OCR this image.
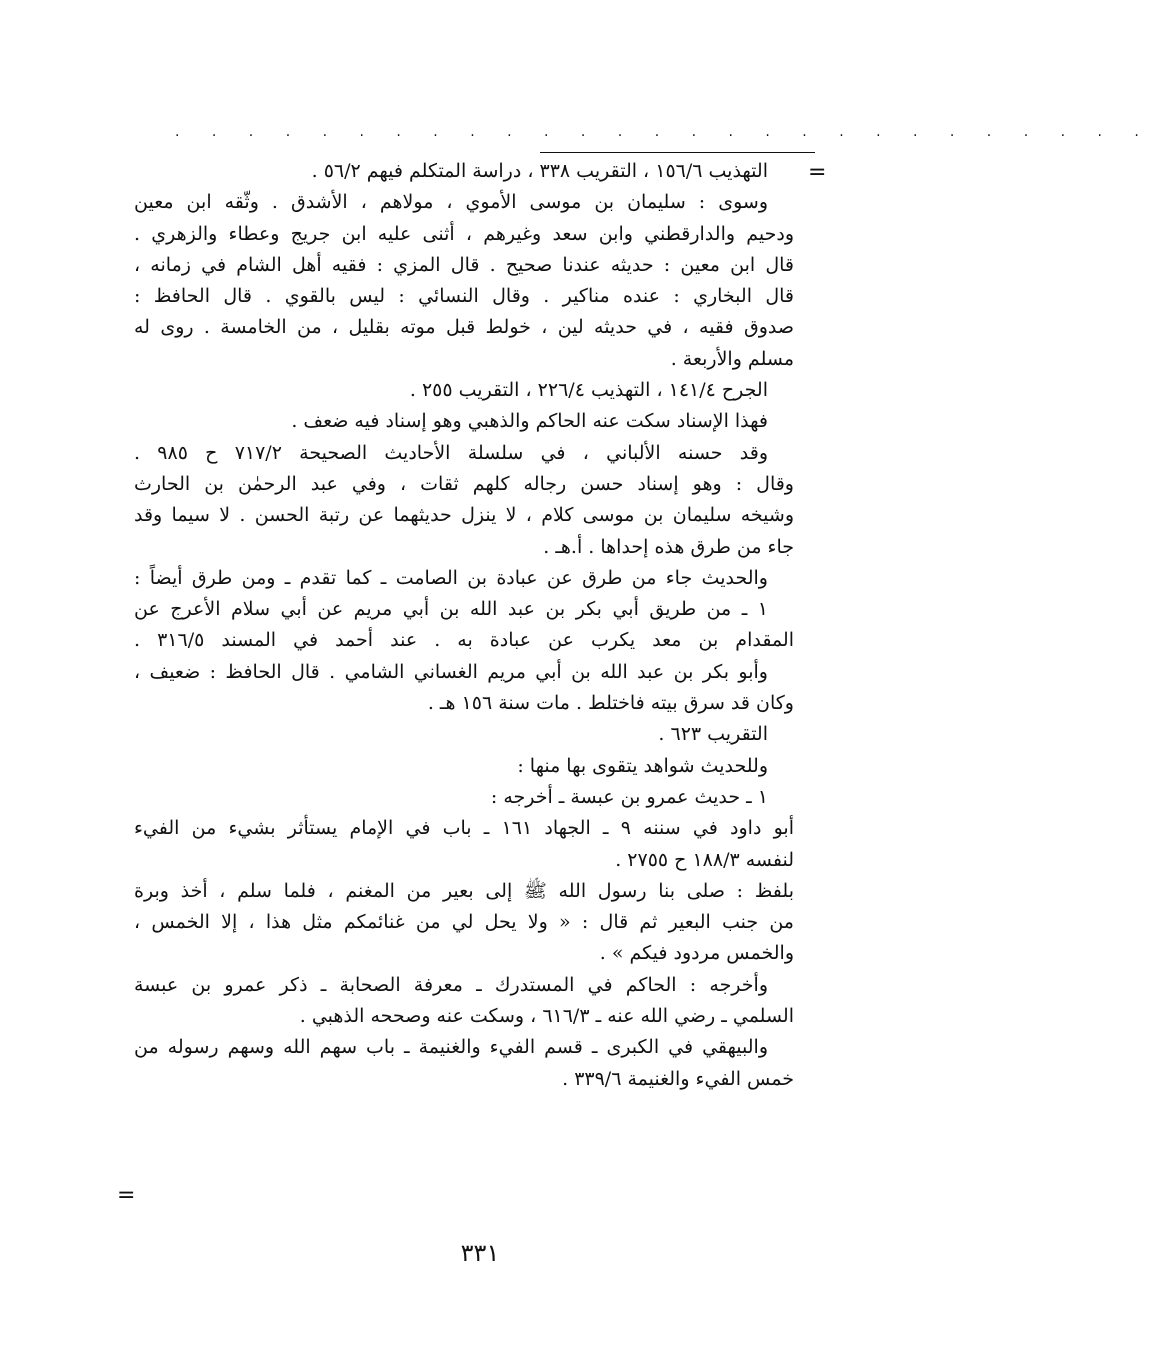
. . . . . . . . . . . . . . . . . . . . . . . . . . .
=
التهذيب ١٥٦/٦ ، التقريب ٣٣٨ ، دراسة المتكلم فيهم ٥٦/٢ .
وسوى : سليمان بن موسى الأموي ، مولاهم ، الأشدق . وثّقه ابن معين
ودحيم والدارقطني وابن سعد وغيرهم ، أثنى عليه ابن جريج وعطاء والزهري .
قال ابن معين : حديثه عندنا صحيح . قال المزي : فقيه أهل الشام في زمانه ،
قال البخاري : عنده مناكير . وقال النسائي : ليس بالقوي . قال الحافظ :
صدوق فقيه ، في حديثه لين ، خولط قبل موته بقليل ، من الخامسة . روى له
مسلم والأربعة .
الجرح ١٤١/٤ ، التهذيب ٢٢٦/٤ ، التقريب ٢٥٥ .
فهذا الإسناد سكت عنه الحاكم والذهبي وهو إسناد فيه ضعف .
وقد حسنه الألباني ، في سلسلة الأحاديث الصحيحة ٧١٧/٢ ح ٩٨٥ .
وقال : وهو إسناد حسن رجاله كلهم ثقات ، وفي عبد الرحمٰن بن الحارث
وشيخه سليمان بن موسى كلام ، لا ينزل حديثهما عن رتبة الحسن . لا سيما وقد
جاء من طرق هذه إحداها . أ.هـ .
والحديث جاء من طرق عن عبادة بن الصامت ـ كما تقدم ـ ومن طرق أيضاً :
١ ـ من طريق أبي بكر بن عبد الله بن أبي مريم عن أبي سلام الأعرج عن
المقدام بن معد يكرب عن عبادة به . عند أحمد في المسند ٣١٦/٥ .
وأبو بكر بن عبد الله بن أبي مريم الغساني الشامي . قال الحافظ : ضعيف ،
وكان قد سرق بيته فاختلط . مات سنة ١٥٦ هـ .
التقريب ٦٢٣ .
وللحديث شواهد يتقوى بها منها :
١ ـ حديث عمرو بن عبسة ـ أخرجه :
أبو داود في سننه ٩ ـ الجهاد ١٦١ ـ باب في الإمام يستأثر بشيء من الفيء
لنفسه ١٨٨/٣ ح ٢٧٥٥ .
بلفظ : صلى بنا رسول الله ﷺ إلى بعير من المغنم ، فلما سلم ، أخذ وبرة
من جنب البعير ثم قال : « ولا يحل لي من غنائمكم مثل هذا ، إلا الخمس ،
والخمس مردود فيكم » .
وأخرجه : الحاكم في المستدرك ـ معرفة الصحابة ـ ذكر عمرو بن عبسة
السلمي ـ رضي الله عنه ـ ٦١٦/٣ ، وسكت عنه وصححه الذهبي .
والبيهقي في الكبرى ـ قسم الفيء والغنيمة ـ باب سهم الله وسهم رسوله من
خمس الفيء والغنيمة ٣٣٩/٦ .
=
٣٣١
